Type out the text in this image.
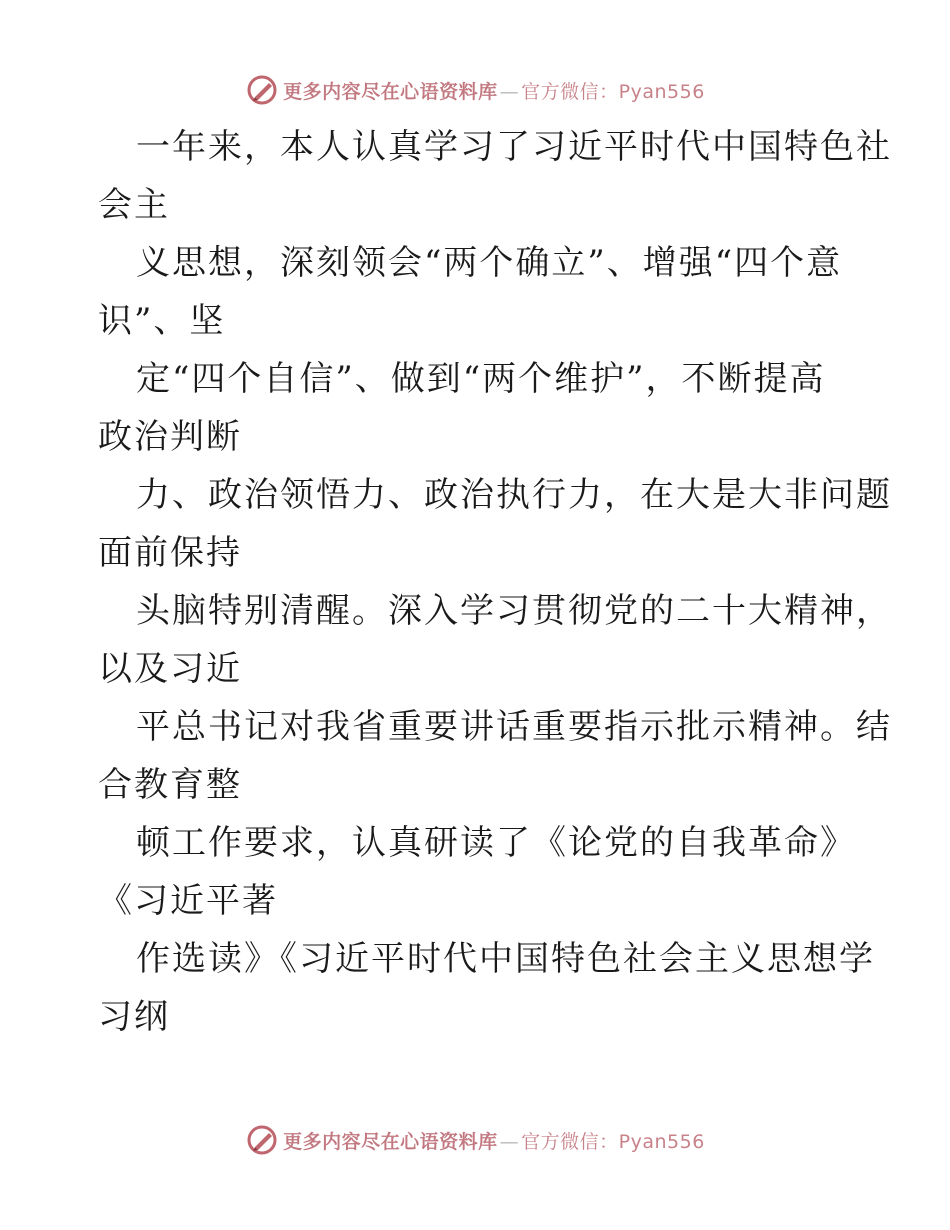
更多内容尽在心语资料库 — 官方微信：Pyan556
一年来，本人认真学习了习近平时代中国特色社
会主
义思想，深刻领会“两个确立”、增强“四个意
识”、坚
定“四个自信”、做到“两个维护”，不断提高
政治判断
力、政治领悟力、政治执行力，在大是大非问题
面前保持
头脑特别清醒。深入学习贯彻党的二十大精神，
以及习近
平总书记对我省重要讲话重要指示批示精神。结
合教育整
顿工作要求，认真研读了《论党的自我革命》
《习近平著
作选读》《习近平时代中国特色社会主义思想学
习纲
更多内容尽在心语资料库 — 官方微信：Pyan556
